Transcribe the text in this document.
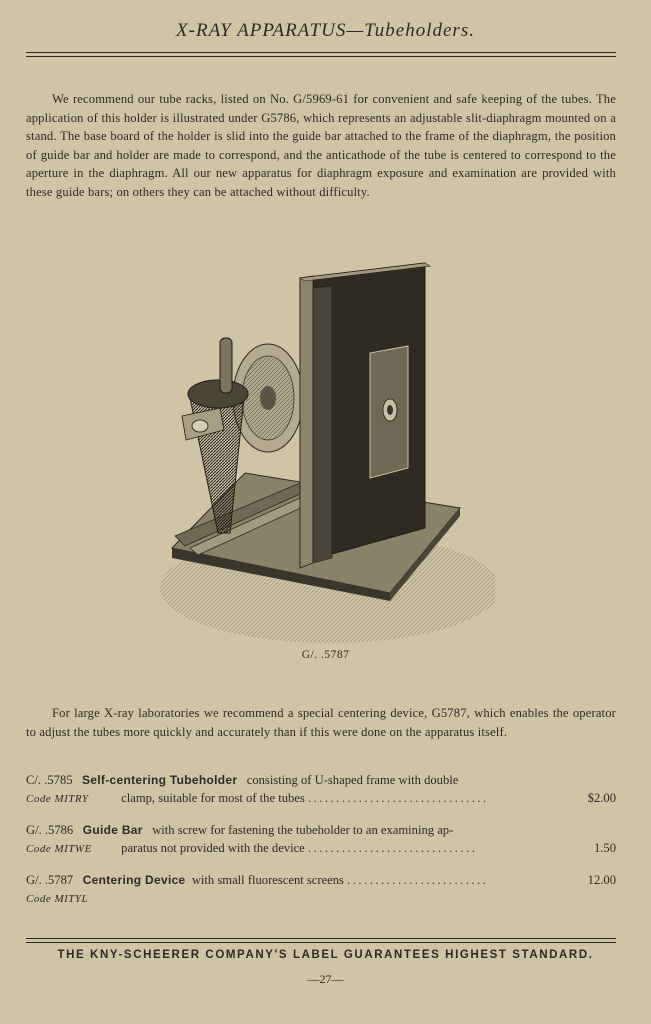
X-RAY APPARATUS—Tubeholders.

We recommend our tube racks, listed on No. G/5969-61 for convenient and safe keeping of the tubes. The application of this holder is illustrated under G5786, which represents an adjustable slit-diaphragm mounted on a stand. The base board of the holder is slid into the guide bar attached to the frame of the diaphragm, the position of guide bar and holder are made to correspond, and the anticathode of the tube is centered to correspond to the aperture in the diaphragm. All our new apparatus for diaphragm exposure and examination are provided with these guide bars; on others they can be attached without difficulty.

G/. .5787

For large X-ray laboratories we recommend a special centering device, G5787, which enables the operator to adjust the tubes more quickly and accurately than if this were done on the apparatus itself.

C/. .5785 Self-centering Tubeholder consisting of U-shaped frame with double
Code MITRY	clamp, suitable for most of the tubes ................................	$2.00
G/. .5786 Guide Bar with screw for fastening the tubeholder to an examining ap-
Code MITWE paratus not provided with the device ..............................	1.50
G/. .5787 Centering Device with small fluorescent screens .........................	12.00
Code MITYL
THE KNY-SCHEERER COMPANY'S LABEL GUARANTEES HIGHEST STANDARD.
—27—
